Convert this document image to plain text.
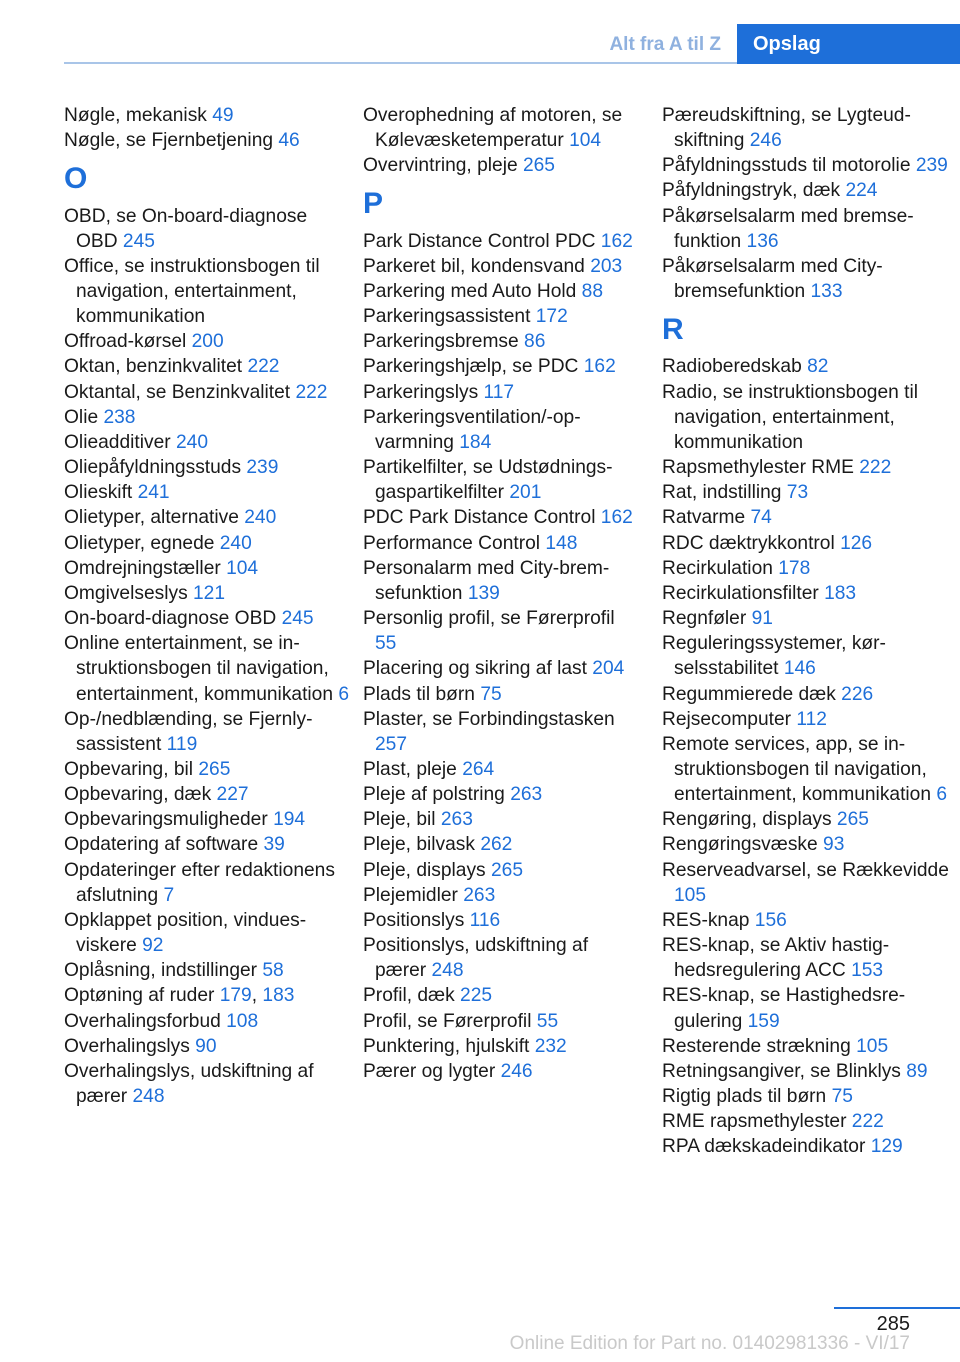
Alt fra A til Z	Opslag
Nøgle, mekanisk 49
Nøgle, se Fjernbetjening 46
O
OBD, se On-board-diagnose OBD 245
Office, se instruktionsbogen til navigation, entertainment, kommunikation
Offroad-kørsel 200
Oktan, benzinkvalitet 222
Oktantal, se Benzinkvalitet 222
Olie 238
Olieadditiver 240
Oliepåfyldningsstuds 239
Olieskift 241
Olietyper, alternative 240
Olietyper, egnede 240
Omdrejningstæller 104
Omgivelseslys 121
On-board-diagnose OBD 245
Online entertainment, se instruktionsbogen til navigation, entertainment, kommunikation 6
Op-/nedblænding, se Fjernlysassistent 119
Opbevaring, bil 265
Opbevaring, dæk 227
Opbevaringsmuligheder 194
Opdatering af software 39
Opdateringer efter redaktionens afslutning 7
Opklappet position, vinduesviskere 92
Oplåsning, indstillinger 58
Optøning af ruder 179, 183
Overhalingsforbud 108
Overhalingslys 90
Overhalingslys, udskiftning af pærer 248
Overophedning af motoren, se Kølevæsketemperatur 104
Overvintring, pleje 265
P
Park Distance Control PDC 162
Parkeret bil, kondensvand 203
Parkering med Auto Hold 88
Parkeringsassistent 172
Parkeringsbremse 86
Parkeringshjælp, se PDC 162
Parkeringslys 117
Parkeringsventilation/-opvarmning 184
Partikelfilter, se Udstødningsgaspartikelfilter 201
PDC Park Distance Control 162
Performance Control 148
Personalarm med City-bremsefunktion 139
Personlig profil, se Førerprofil 55
Placering og sikring af last 204
Plads til børn 75
Plaster, se Forbindingstasken 257
Plast, pleje 264
Pleje af polstring 263
Pleje, bil 263
Pleje, bilvask 262
Pleje, displays 265
Plejemidler 263
Positionslys 116
Positionslys, udskiftning af pærer 248
Profil, dæk 225
Profil, se Førerprofil 55
Punktering, hjulskift 232
Pærer og lygter 246
Pæreudskiftning, se Lygteudskiftning 246
Påfyldningsstuds til motorolie 239
Påfyldningstryk, dæk 224
Påkørselsalarm med bremsefunktion 136
Påkørselsalarm med City-bremsefunktion 133
R
Radioberedskab 82
Radio, se instruktionsbogen til navigation, entertainment, kommunikation
Rapsmethylester RME 222
Rat, indstilling 73
Ratvarme 74
RDC dæktrykkontrol 126
Recirkulation 178
Recirkulationsfilter 183
Regnføler 91
Reguleringssystemer, kørselsstabilitet 146
Regummierede dæk 226
Rejsecomputer 112
Remote services, app, se instruktionsbogen til navigation, entertainment, kommunikation 6
Rengøring, displays 265
Rengøringsvæske 93
Reserveadvarsel, se Rækkevidde 105
RES-knap 156
RES-knap, se Aktiv hastighedsregulering ACC 153
RES-knap, se Hastighedsregulering 159
Resterende strækning 105
Retningsangiver, se Blinklys 89
Rigtig plads til børn 75
RME rapsmethylester 222
RPA dækskadeindikator 129
285
Online Edition for Part no. 01402981336 - VI/17
